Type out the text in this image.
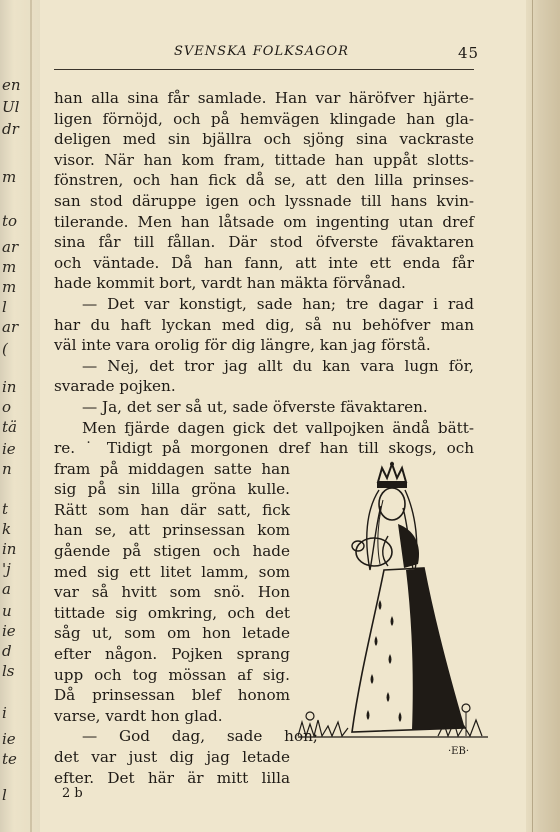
en
Ul
dr
m
to
ar
m
m
l
ar
(
in
o
tä
ie
n
t
k
in
'j
a
u
ie
d
ls
i
ie
te
l
SVENSKA FOLKSAGOR	45
han alla sina får samlade. Han var häröfver hjärte-
ligen förnöjd, och på hemvägen klingade han gla-
deligen med sin bjällra och sjöng sina vackraste
visor. När han kom fram, tittade han uppåt slotts-
fönstren, och han fick då se, att den lilla prinses-
san stod däruppe igen och lyssnade till hans kvin-
tilerande. Men han låtsade om ingenting utan dref
sina får till fållan. Där stod öfverste fävaktaren
och väntade. Då han fann, att inte ett endа får
hade kommit bort, vardt han mäkta förvånad.
— Det var konstigt, sade han; tre dagar i rad
har du haft lyckan med dig, så nu behöfver man
väl inte vara orolig för dig längre, kan jag förstå.
— Nej, det tror jag allt du kan vara lugn för,
svarade pojken.
— Ja, det ser så ut, sade öfverste fävaktaren.
Men fjärde dagen gick det vallpojken ändå bätt-
re. ˙ Tidigt på morgonen dref han till skogs, och
fram på middagen satte han
sig på sin lilla gröna kulle.
Rätt som han där satt, fick
han se, att prinsessan kom
gående på stigen och hade
med sig ett litet lamm, som
var så hvitt som snö. Hon
tittade sig omkring, och det
såg ut, som om hon letade
efter någon. Pojken sprang
upp och tog mössan af sig.
Då prinsessan blef honom
varse, vardt hon glad.
— God dag, sade hon;
det var just dig jag letade
efter. Det här är mitt lilla
2 b
·EB·
